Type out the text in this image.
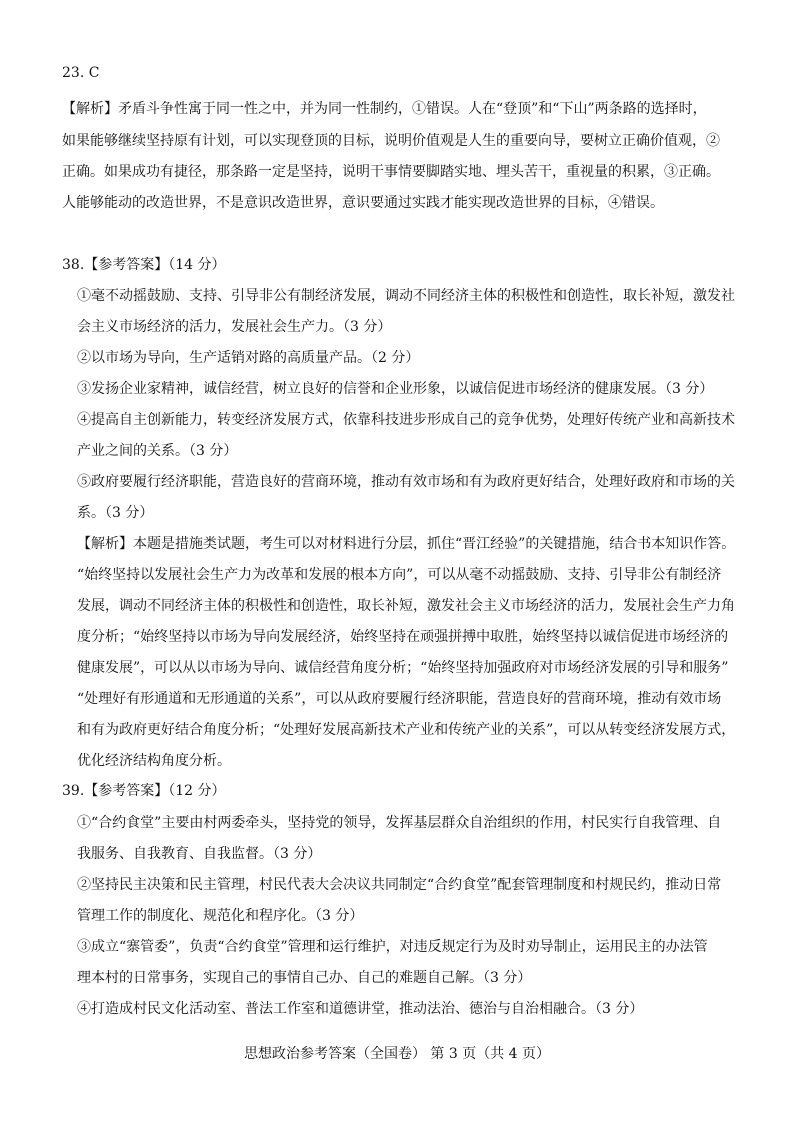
23. C
【解析】矛盾斗争性寓于同一性之中，并为同一性制约，①错误。人在“登顶”和“下山”两条路的选择时，
如果能够继续坚持原有计划，可以实现登顶的目标，说明价值观是人生的重要向导，要树立正确价值观，②
正确。如果成功有捷径，那条路一定是坚持，说明干事情要脚踏实地、埋头苦干，重视量的积累，③正确。
人能够能动的改造世界，不是意识改造世界，意识要通过实践才能实现改造世界的目标，④错误。
38.【参考答案】（14 分）
①毫不动摇鼓励、支持、引导非公有制经济发展，调动不同经济主体的积极性和创造性，取长补短，激发社
会主义市场经济的活力，发展社会生产力。（3 分）
②以市场为导向，生产适销对路的高质量产品。（2 分）
③发扬企业家精神，诚信经营，树立良好的信誉和企业形象，以诚信促进市场经济的健康发展。（3 分）
④提高自主创新能力，转变经济发展方式，依靠科技进步形成自己的竞争优势，处理好传统产业和高新技术
产业之间的关系。（3 分）
⑤政府要履行经济职能，营造良好的营商环境，推动有效市场和有为政府更好结合，处理好政府和市场的关
系。（3 分）
【解析】本题是措施类试题，考生可以对材料进行分层，抓住“晋江经验”的关键措施，结合书本知识作答。
“始终坚持以发展社会生产力为改革和发展的根本方向”，可以从毫不动摇鼓励、支持、引导非公有制经济
发展，调动不同经济主体的积极性和创造性，取长补短，激发社会主义市场经济的活力，发展社会生产力角
度分析；“始终坚持以市场为导向发展经济，始终坚持在顽强拼搏中取胜，始终坚持以诚信促进市场经济的
健康发展”，可以从以市场为导向、诚信经营角度分析；“始终坚持加强政府对市场经济发展的引导和服务”
“处理好有形通道和无形通道的关系”，可以从政府要履行经济职能，营造良好的营商环境，推动有效市场
和有为政府更好结合角度分析；“处理好发展高新技术产业和传统产业的关系”，可以从转变经济发展方式，
优化经济结构角度分析。
39.【参考答案】（12 分）
①“合约食堂”主要由村两委牵头，坚持党的领导，发挥基层群众自治组织的作用，村民实行自我管理、自
我服务、自我教育、自我监督。（3 分）
②坚持民主决策和民主管理，村民代表大会决议共同制定“合约食堂”配套管理制度和村规民约，推动日常
管理工作的制度化、规范化和程序化。（3 分）
③成立“寨管委”，负责“合约食堂”管理和运行维护，对违反规定行为及时劝导制止，运用民主的办法管
理本村的日常事务，实现自己的事情自己办、自己的难题自己解。（3 分）
④打造成村民文化活动室、普法工作室和道德讲堂，推动法治、德治与自治相融合。（3 分）
思想政治参考答案（全国卷） 第 3 页（共 4 页）
